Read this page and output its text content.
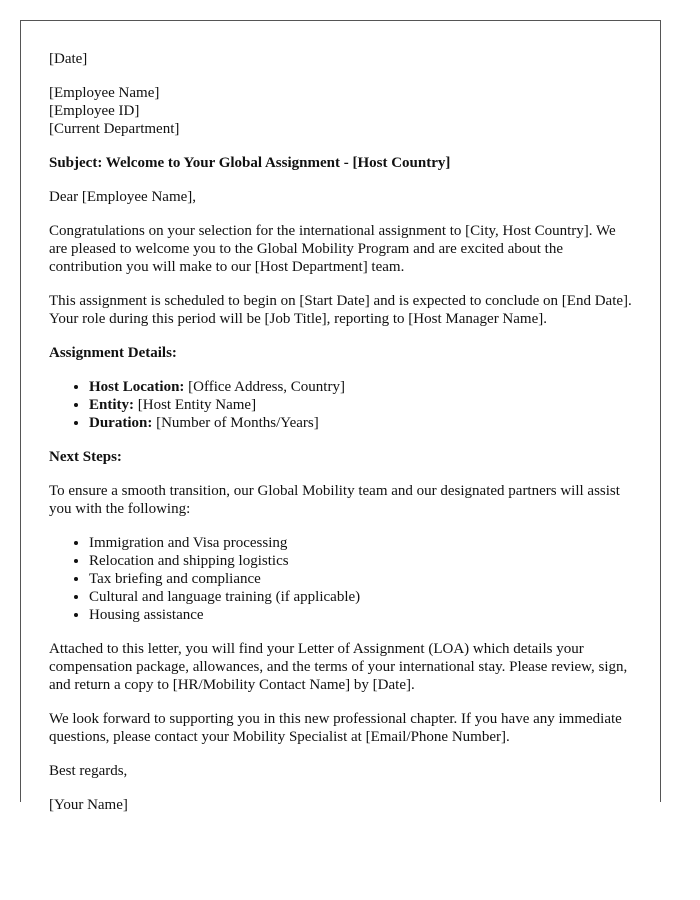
[Date]

[Employee Name]
[Employee ID]
[Current Department]

Subject: Welcome to Your Global Assignment - [Host Country]

Dear [Employee Name],

Congratulations on your selection for the international assignment to [City, Host Country]. We are pleased to welcome you to the Global Mobility Program and are excited about the contribution you will make to our [Host Department] team.

This assignment is scheduled to begin on [Start Date] and is expected to conclude on [End Date]. Your role during this period will be [Job Title], reporting to [Host Manager Name].

Assignment Details:

• Host Location: [Office Address, Country]
• Entity: [Host Entity Name]
• Duration: [Number of Months/Years]

Next Steps:

To ensure a smooth transition, our Global Mobility team and our designated partners will assist you with the following:

• Immigration and Visa processing
• Relocation and shipping logistics
• Tax briefing and compliance
• Cultural and language training (if applicable)
• Housing assistance

Attached to this letter, you will find your Letter of Assignment (LOA) which details your compensation package, allowances, and the terms of your international stay. Please review, sign, and return a copy to [HR/Mobility Contact Name] by [Date].

We look forward to supporting you in this new professional chapter. If you have any immediate questions, please contact your Mobility Specialist at [Email/Phone Number].

Best regards,

[Your Name]
